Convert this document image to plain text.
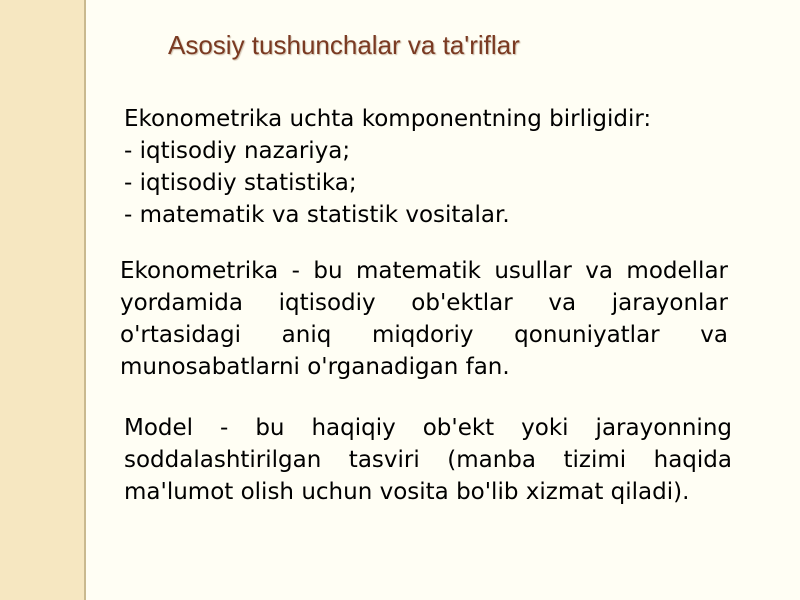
Asosiy tushunchalar va ta'riflar
Ekonometrika uchta komponentning birligidir:
- iqtisodiy nazariya;
- iqtisodiy statistika;
- matematik va statistik vositalar.
Ekonometrika - bu matematik usullar va modellar yordamida iqtisodiy ob'ektlar va jarayonlar o'rtasidagi aniq miqdoriy qonuniyatlar va munosabatlarni o'rganadigan fan.
Model - bu haqiqiy ob'ekt yoki jarayonning soddalashtirilgan tasviri (manba tizimi haqida ma'lumot olish uchun vosita bo'lib xizmat qiladi).
